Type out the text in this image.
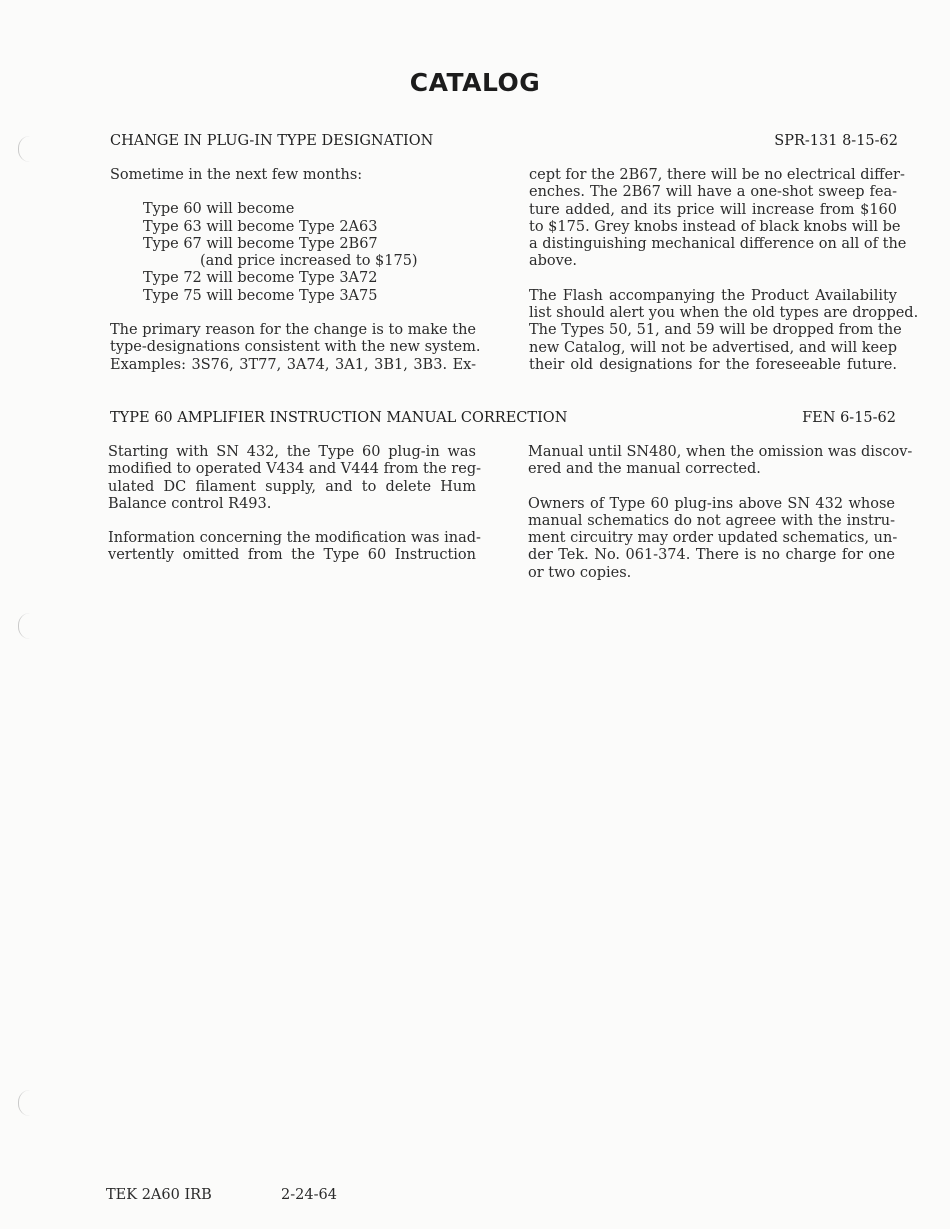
CATALOG
CHANGE IN PLUG-IN TYPE DESIGNATION	SPR-131 8-15-62

Sometime in the next few months:

Type 60 will become
Type 63 will become Type 2A63
Type 67 will become Type 2B67
(and price increased to $175)
Type 72 will become Type 3A72
Type 75 will become Type 3A75

The primary reason for the change is to make the
type-designations consistent with the new system.
Examples: 3S76, 3T77, 3A74, 3A1, 3B1, 3B3. Ex-

cept for the 2B67, there will be no electrical differ-
enches. The 2B67 will have a one-shot sweep fea-
ture added, and its price will increase from $160
to $175. Grey knobs instead of black knobs will be
a distinguishing mechanical difference on all of the
above.

The Flash accompanying the Product Availability
list should alert you when the old types are dropped.
The Types 50, 51, and 59 will be dropped from the
new Catalog, will not be advertised, and will keep
their old designations for the foreseeable future.

TYPE 60 AMPLIFIER INSTRUCTION MANUAL CORRECTION	FEN 6-15-62

Starting with SN 432, the Type 60 plug-in was
modified to operated V434 and V444 from the reg-
ulated DC filament supply, and to delete Hum
Balance control R493.

Information concerning the modification was inad-
vertently omitted from the Type 60 Instruction

Manual until SN480, when the omission was discov-
ered and the manual corrected.

Owners of Type 60 plug-ins above SN 432 whose
manual schematics do not agreee with the instru-
ment circuitry may order updated schematics, un-
der Tek. No. 061-374. There is no charge for one
or two copies.

TEK 2A60 IRB	2-24-64
